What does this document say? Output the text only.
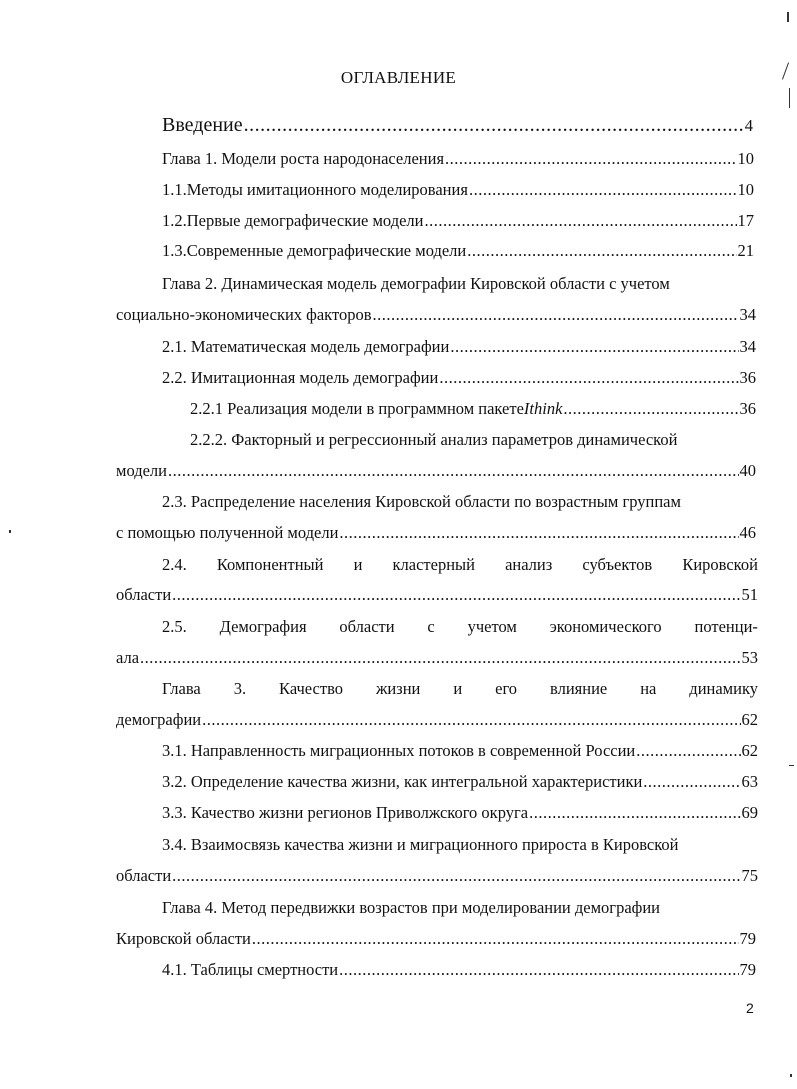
ОГЛАВЛЕНИЕ
Введение .....	4
Глава 1. Модели роста народонаселения .....	10
1.1.Методы имитационного моделирования .....	10
1.2.Первые демографические модели .....	17
1.3.Современные демографические модели .....	21
Глава 2. Динамическая модель демографии Кировской области с учетом
социально-экономических факторов .....	34
2.1. Математическая модель демографии .....	34
2.2. Имитационная модель демографии .....	36
2.2.1 Реализация модели в программном пакете Ithink .....	36
2.2.2. Факторный и регрессионный анализ параметров динамической
модели .....	40
2.3. Распределение населения Кировской области по возрастным группам
с помощью полученной модели .....	46
2.4. Компонентный и кластерный анализ субъектов Кировской
области .....	51
2.5. Демография области с учетом экономического потенци-
ала .....	53
Глава 3. Качество жизни и его влияние на динамику
демографии .....	62
3.1. Направленность миграционных потоков в современной России .....	62
3.2. Определение качества жизни, как интегральной характеристики .....	63
3.3. Качество жизни регионов Приволжского округа .....	69
3.4. Взаимосвязь качества жизни и миграционного прироста в Кировской
области .....	75
Глава 4. Метод передвижки возрастов при моделировании демографии
Кировской области .....	79
4.1. Таблицы смертности .....	79
2
